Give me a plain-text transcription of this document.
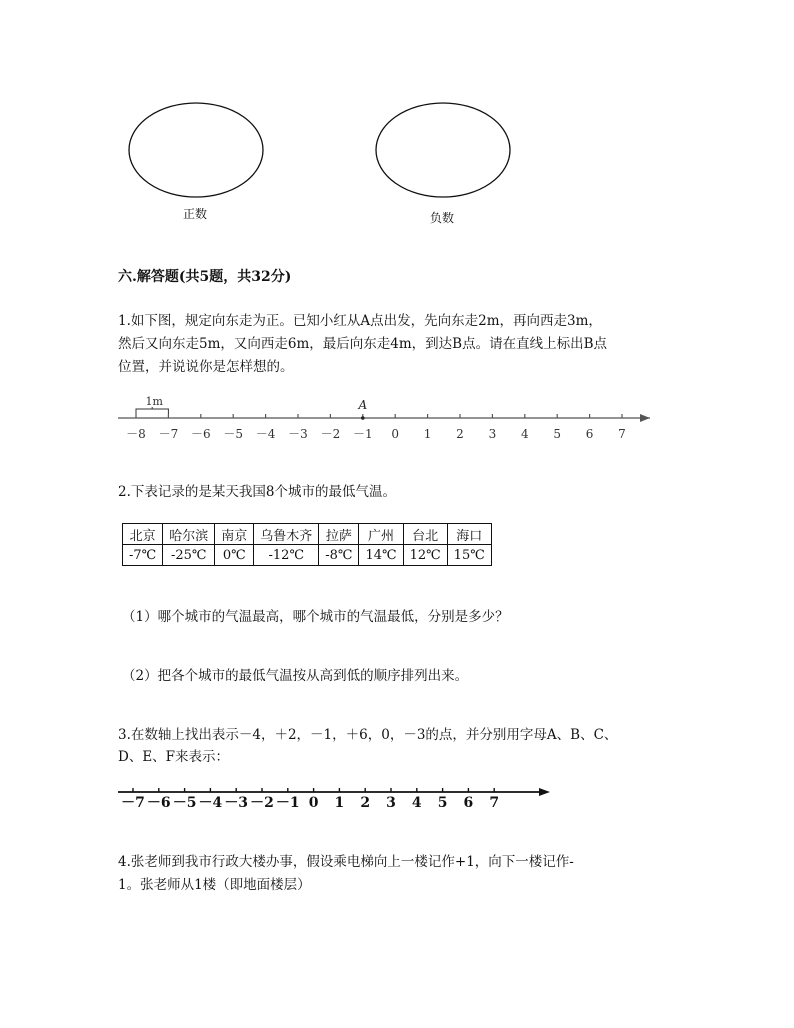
正数	负数
六.解答题(共5题，共32分)
1.如下图，规定向东走为正。已知小红从A点出发，先向东走2m，再向西走3m，
然后又向东走5m，又向西走6m，最后向东走4m，到达B点。请在直线上标出B点
位置，并说说你是怎样想的。
－8 －7 －6 －5 －4 －3 －2 －1 0 1 2 3 4 5 6 7
1m	A
2.下表记录的是某天我国8个城市的最低气温。
北京	哈尔滨	南京	乌鲁木齐	拉萨	广州	台北	海口
-7℃	-25℃	0℃	-12℃	-8℃	14℃	12℃	15℃
（1）哪个城市的气温最高，哪个城市的气温最低，分别是多少？
（2）把各个城市的最低气温按从高到低的顺序排列出来。
3.在数轴上找出表示－4，＋2，－1，＋6，0，－3的点，并分别用字母A、B、C、
D、E、F来表示：
－7 －6 －5 －4 －3 －2 －1 0 1 2 3 4 5 6 7
4.张老师到我市行政大楼办事，假设乘电梯向上一楼记作+1，向下一楼记作-
1。张老师从1楼（即地面楼层）
